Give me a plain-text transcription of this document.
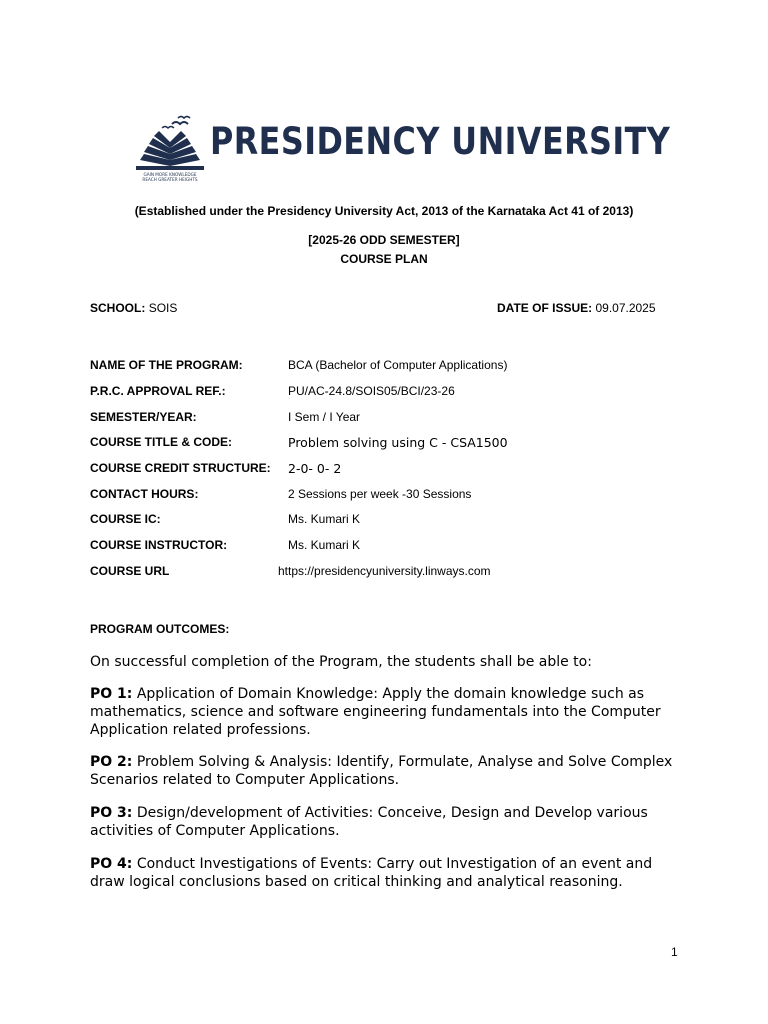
GAIN MORE KNOWLEDGE
REACH GREATER HEIGHTS
PRESIDENCY UNIVERSITY
(Established under the Presidency University Act, 2013 of the Karnataka Act 41 of 2013)
[2025-26 ODD SEMESTER]
COURSE PLAN
SCHOOL: SOIS	DATE OF ISSUE: 09.07.2025
NAME OF THE PROGRAM:	BCA (Bachelor of Computer Applications)
P.R.C. APPROVAL REF.:	PU/AC-24.8/SOIS05/BCI/23-26
SEMESTER/YEAR:	I Sem / I Year
COURSE TITLE & CODE:	Problem solving using C - CSA1500
COURSE CREDIT STRUCTURE: 2-0- 0- 2
CONTACT HOURS:	2 Sessions per week -30 Sessions
COURSE IC:	Ms. Kumari K
COURSE INSTRUCTOR:	Ms. Kumari K
COURSE URL	https://presidencyuniversity.linways.com
PROGRAM OUTCOMES:
On successful completion of the Program, the students shall be able to:
PO 1: Application of Domain Knowledge: Apply the domain knowledge such as mathematics, science and software engineering fundamentals into the Computer Application related professions.
PO 2: Problem Solving & Analysis: Identify, Formulate, Analyse and Solve Complex Scenarios related to Computer Applications.
PO 3: Design/development of Activities: Conceive, Design and Develop various activities of Computer Applications.
PO 4: Conduct Investigations of Events: Carry out Investigation of an event and draw logical conclusions based on critical thinking and analytical reasoning.
1
